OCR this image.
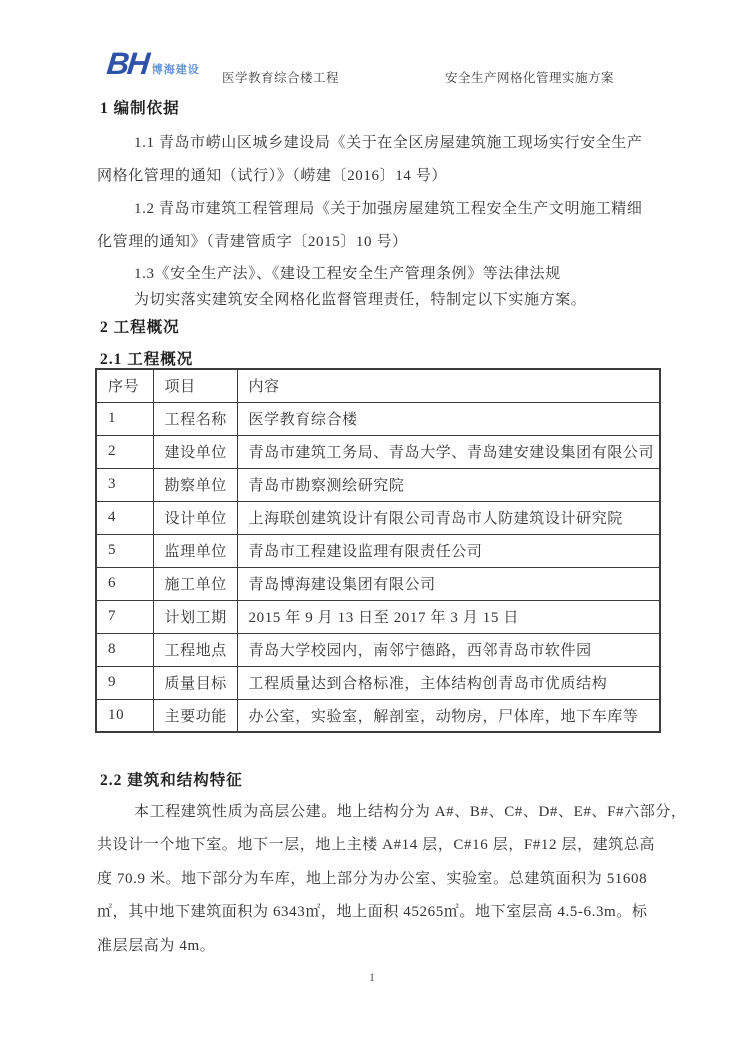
BH 博海建设
医学教育综合楼工程	安全生产网格化管理实施方案
1 编制依据
1.1 青岛市崂山区城乡建设局《关于在全区房屋建筑施工现场实行安全生产
网格化管理的通知（试行）》（崂建〔2016〕14 号）
1.2 青岛市建筑工程管理局《关于加强房屋建筑工程安全生产文明施工精细
化管理的通知》（青建管质字〔2015〕10 号）
1.3《安全生产法》、《建设工程安全生产管理条例》等法律法规
为切实落实建筑安全网格化监督管理责任，特制定以下实施方案。
2 工程概况
2.1 工程概况
序号	项目	内容
1	工程名称	医学教育综合楼
2	建设单位	青岛市建筑工务局、青岛大学、青岛建安建设集团有限公司
3	勘察单位	青岛市勘察测绘研究院
4	设计单位	上海联创建筑设计有限公司青岛市人防建筑设计研究院
5	监理单位	青岛市工程建设监理有限责任公司
6	施工单位	青岛博海建设集团有限公司
7	计划工期	2015 年 9 月 13 日至 2017 年 3 月 15 日
8	工程地点	青岛大学校园内，南邻宁德路，西邻青岛市软件园
9	质量目标	工程质量达到合格标准，主体结构创青岛市优质结构
10	主要功能	办公室，实验室，解剖室，动物房，尸体库，地下车库等
2.2 建筑和结构特征
本工程建筑性质为高层公建。地上结构分为 A#、B#、C#、D#、E#、F#六部分，
共设计一个地下室。地下一层，地上主楼 A#14 层，C#16 层，F#12 层，建筑总高
度 70.9 米。地下部分为车库，地上部分为办公室、实验室。总建筑面积为 51608
㎡，其中地下建筑面积为 6343㎡，地上面积 45265㎡。地下室层高 4.5-6.3m。标
准层层高为 4m。
1
